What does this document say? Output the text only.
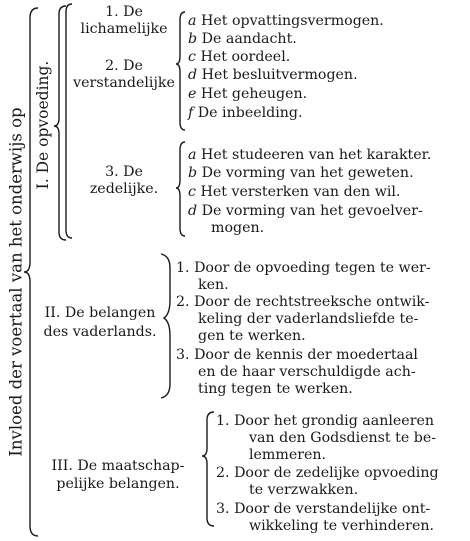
Invloed der voertaal van het onderwijs op I. De opvoeding.
1. De
lichamelijke
2. De
verstandelijke
3. De
zedelijke.
a Het opvattingsvermogen.
b De aandacht.
c Het oordeel.
d Het besluitvermogen.
e Het geheugen.
f De inbeelding.
a Het studeeren van het karakter.
b De vorming van het geweten.
c Het versterken van den wil.
d De vorming van het gevoelver-
mogen.
II. De belangen
des vaderlands.
1. Door de opvoeding tegen te wer-
ken.
2. Door de rechtstreeksche ontwik-
keling der vaderlandsliefde te-
gen te werken.
3. Door de kennis der moedertaal
en de haar verschuldigde ach-
ting tegen te werken.
III. De maatschap-
pelijke belangen.
1. Door het grondig aanleeren
van den Godsdienst te be-
lemmeren.
2. Door de zedelijke opvoeding
te verzwakken.
3. Door de verstandelijke ont-
wikkeling te verhinderen.
